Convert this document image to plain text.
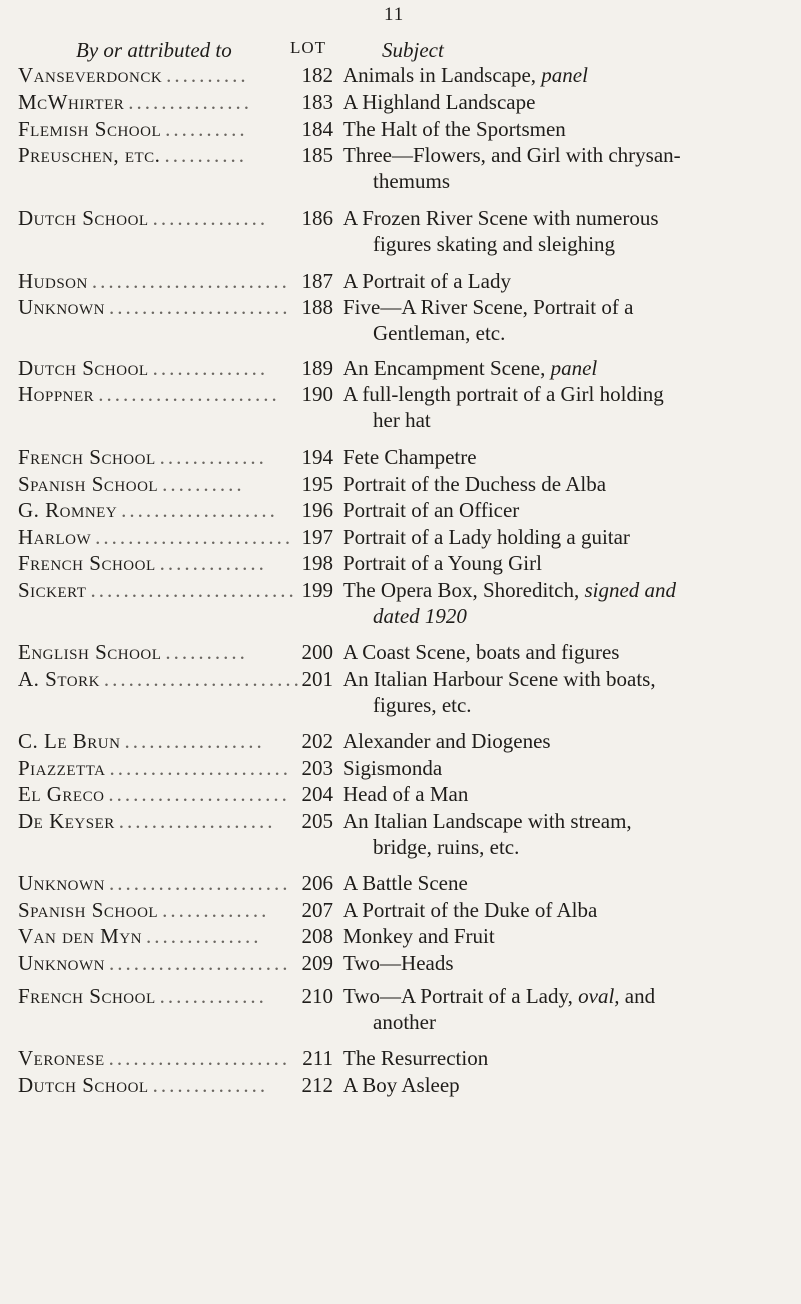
11
By or attributed to	LOT	Subject
Vanseverdonck ..........	182 Animals in Landscape, panel
McWhirter ...............	183 A Highland Landscape
Flemish School ..........	184 The Halt of the Sportsmen
Preuschen, etc. ..........	185 Three—Flowers, and Girl with chrysan-
themums
Dutch School ..............	186 A Frozen River Scene with numerous
figures skating and sleighing
Hudson ........................ 187 A Portrait of a Lady
Unknown ...................... 188 Five—A River Scene, Portrait of a
Gentleman, etc.
Dutch School ..............	189 An Encampment Scene, panel
Hoppner ......................	190 A full-length portrait of a Girl holding
her hat
French School .............	194 Fete Champetre
Spanish School ..........	195 Portrait of the Duchess de Alba
G. Romney ...................	196 Portrait of an Officer
Harlow ........................ 197 Portrait of a Lady holding a guitar
French School .............	198 Portrait of a Young Girl
Sickert ......................... 199 The Opera Box, Shoreditch, signed and
dated 1920
English School ..........	200 A Coast Scene, boats and figures
A. Stork ........................ 201 An Italian Harbour Scene with boats,
figures, etc.
C. Le Brun .................	202 Alexander and Diogenes
Piazzetta ...................... 203 Sigismonda
El Greco ...................... 204 Head of a Man
De Keyser ...................	205 An Italian Landscape with stream,
bridge, ruins, etc.
Unknown ...................... 206 A Battle Scene
Spanish School .............	207 A Portrait of the Duke of Alba
Van den Myn ..............	208 Monkey and Fruit
Unknown ...................... 209 Two—Heads
French School .............	210 Two—A Portrait of a Lady, oval, and
another
Veronese ...................... 211 The Resurrection
Dutch School ..............	212 A Boy Asleep
